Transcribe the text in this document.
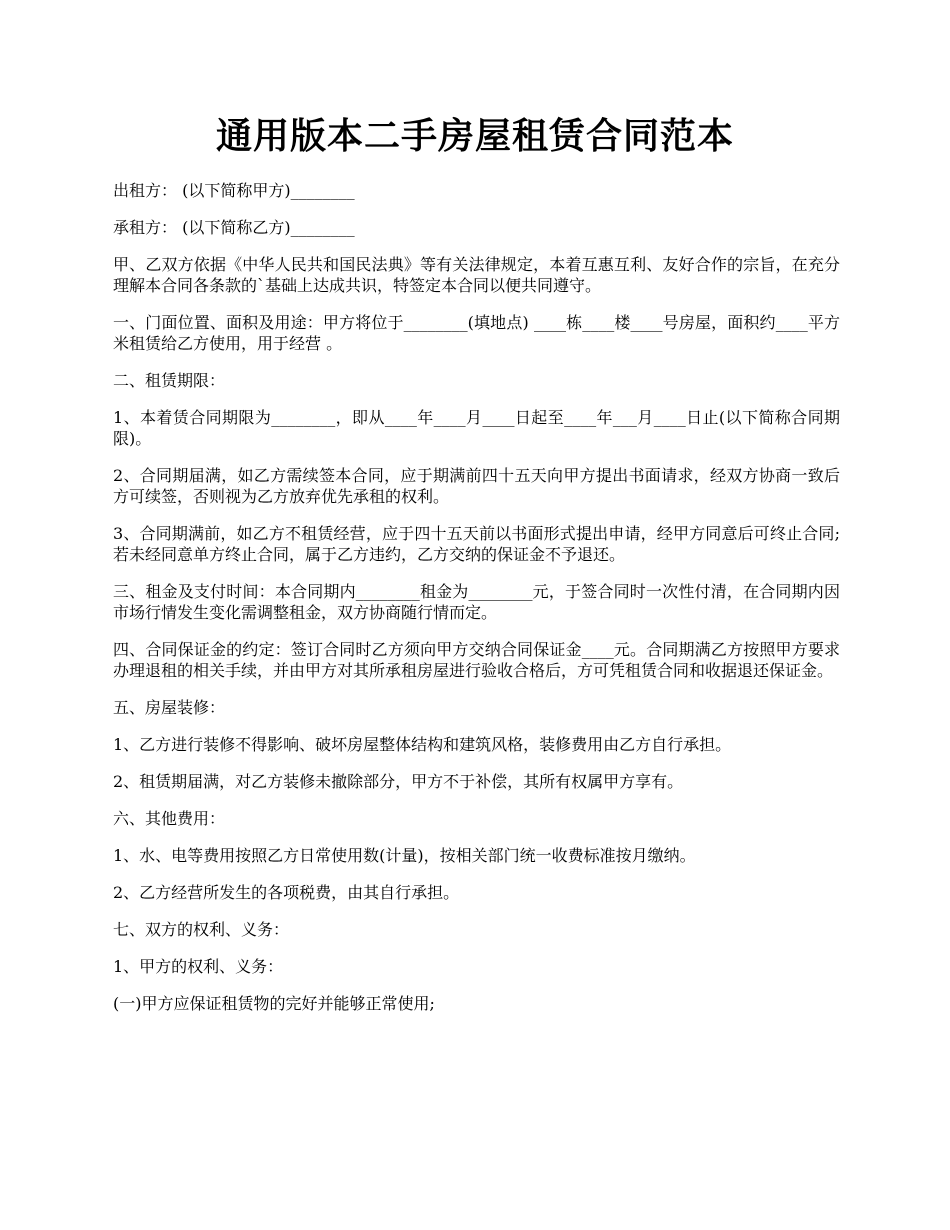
通用版本二手房屋租赁合同范本

出租方： (以下简称甲方)________

承租方： (以下简称乙方)________

甲、乙双方依据《中华人民共和国民法典》等有关法律规定，本着互惠互利、友好合作的宗旨，在充分理解本合同各条款的`基础上达成共识，特签定本合同以便共同遵守。

一、门面位置、面积及用途：甲方将位于________(填地点) ____栋____楼____号房屋，面积约____平方米租赁给乙方使用，用于经营 。

二、租赁期限：

1、本着赁合同期限为________，即从____年____月____日起至____年___月____日止(以下简称合同期限)。

2、合同期届满，如乙方需续签本合同，应于期满前四十五天向甲方提出书面请求，经双方协商一致后方可续签，否则视为乙方放弃优先承租的权利。

3、合同期满前，如乙方不租赁经营，应于四十五天前以书面形式提出申请，经甲方同意后可终止合同;若未经同意单方终止合同，属于乙方违约，乙方交纳的保证金不予退还。

三、租金及支付时间：本合同期内________租金为________元，于签合同时一次性付清，在合同期内因市场行情发生变化需调整租金，双方协商随行情而定。

四、合同保证金的约定：签订合同时乙方须向甲方交纳合同保证金____元。合同期满乙方按照甲方要求办理退租的相关手续，并由甲方对其所承租房屋进行验收合格后，方可凭租赁合同和收据退还保证金。

五、房屋装修：

1、乙方进行装修不得影响、破坏房屋整体结构和建筑风格，装修费用由乙方自行承担。

2、租赁期届满，对乙方装修未撤除部分，甲方不于补偿，其所有权属甲方享有。

六、其他费用：

1、水、电等费用按照乙方日常使用数(计量)，按相关部门统一收费标准按月缴纳。

2、乙方经营所发生的各项税费，由其自行承担。

七、双方的权利、义务：

1、甲方的权利、义务：

(一)甲方应保证租赁物的完好并能够正常使用;
